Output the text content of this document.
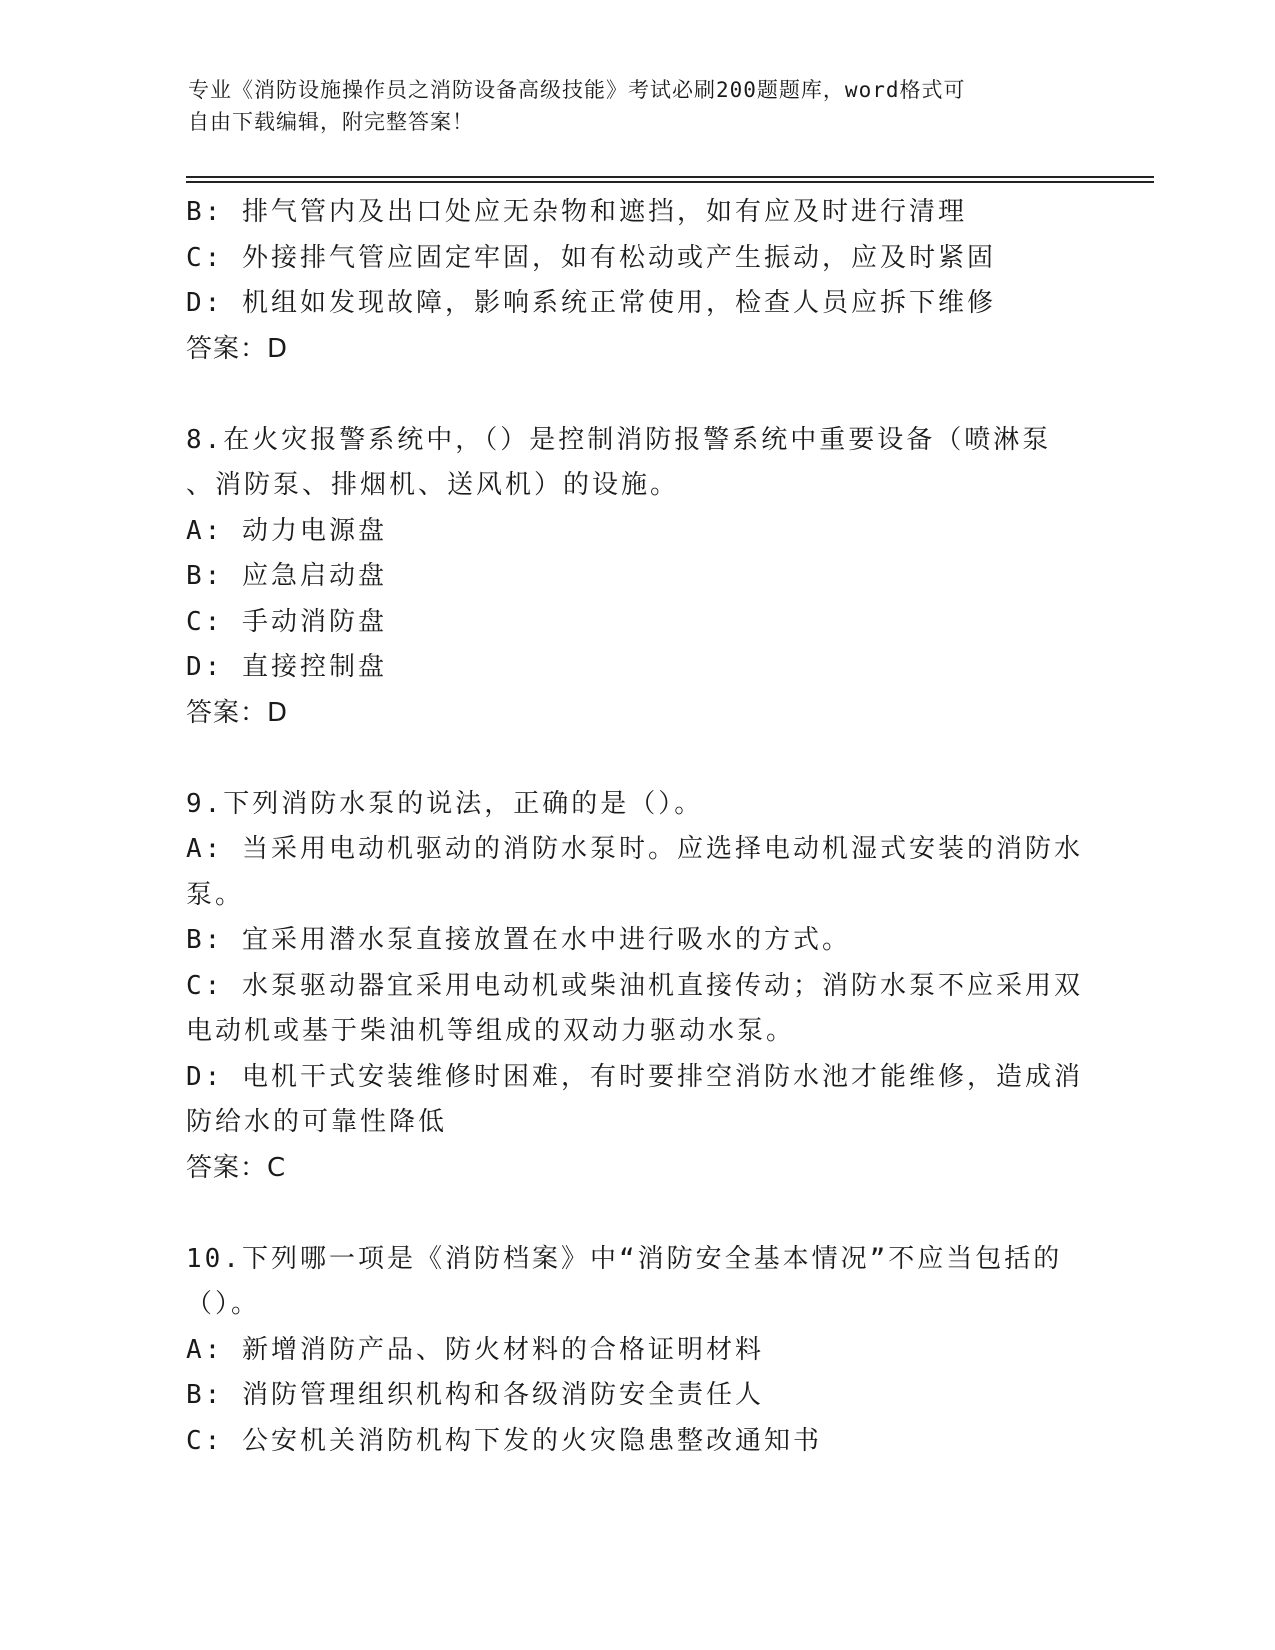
专业《消防设施操作员之消防设备高级技能》考试必刷200题题库，word格式可
自由下载编辑，附完整答案！
B: 排气管内及出口处应无杂物和遮挡，如有应及时进行清理
C: 外接排气管应固定牢固，如有松动或产生振动，应及时紧固
D: 机组如发现故障，影响系统正常使用，检查人员应拆下维修
答案：D
8.在火灾报警系统中，（）是控制消防报警系统中重要设备（喷淋泵
、消防泵、排烟机、送风机）的设施。
A: 动力电源盘
B: 应急启动盘
C: 手动消防盘
D: 直接控制盘
答案：D
9.下列消防水泵的说法，正确的是（）。
A: 当采用电动机驱动的消防水泵时。应选择电动机湿式安装的消防水
泵。
B: 宜采用潜水泵直接放置在水中进行吸水的方式。
C: 水泵驱动器宜采用电动机或柴油机直接传动；消防水泵不应采用双
电动机或基于柴油机等组成的双动力驱动水泵。
D: 电机干式安装维修时困难，有时要排空消防水池才能维修，造成消
防给水的可靠性降低
答案：C
10.下列哪一项是《消防档案》中“消防安全基本情况”不应当包括的
（）。
A: 新增消防产品、防火材料的合格证明材料
B: 消防管理组织机构和各级消防安全责任人
C: 公安机关消防机构下发的火灾隐患整改通知书
